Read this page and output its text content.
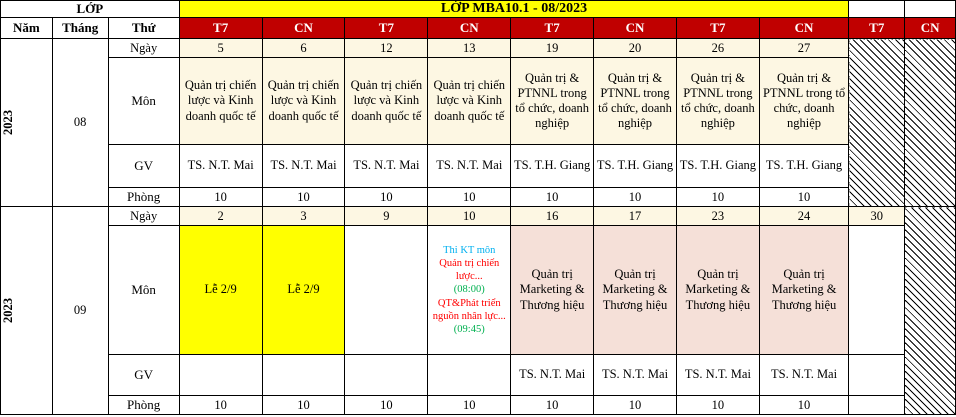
LỚP			LỚP MBA10.1 - 08/2023									
Năm	Tháng	Thứ	T7	CN	T7	CN	T7	CN	T7	CN	T7	CN

2023	08	Ngày	5	6	12	13	19	20	26	27		
		Môn	Quản trị chiến lược và Kinh doanh quốc tế	Quản trị chiến lược và Kinh doanh quốc tế	Quản trị chiến lược và Kinh doanh quốc tế	Quản trị chiến lược và Kinh doanh quốc tế	Quản trị & PTNNL trong tổ chức, doanh nghiệp	Quản trị & PTNNL trong tổ chức, doanh nghiệp	Quản trị & PTNNL trong tổ chức, doanh nghiệp	Quản trị & PTNNL trong tổ chức, doanh nghiệp		
		GV	TS. N.T. Mai	TS. N.T. Mai	TS. N.T. Mai	TS. N.T. Mai	TS. T.H. Giang	TS. T.H. Giang	TS. T.H. Giang	TS. T.H. Giang		
		Phòng	10	10	10	10	10	10	10	10		

2023	09	Ngày	2	3	9	10	16	17	23	24	30	
		Môn	Lễ 2/9	Lễ 2/9		Thi KT môn
Quản trị chiến lược...
(08:00)
QT&Phát triển nguồn nhân lực...
(09:45)	Quản trị Marketing & Thương hiệu	Quản trị Marketing & Thương hiệu	Quản trị Marketing & Thương hiệu	Quản trị Marketing & Thương hiệu		
		GV					TS. N.T. Mai	TS. N.T. Mai	TS. N.T. Mai	TS. N.T. Mai		
		Phòng	10	10	10	10	10	10	10	10		
